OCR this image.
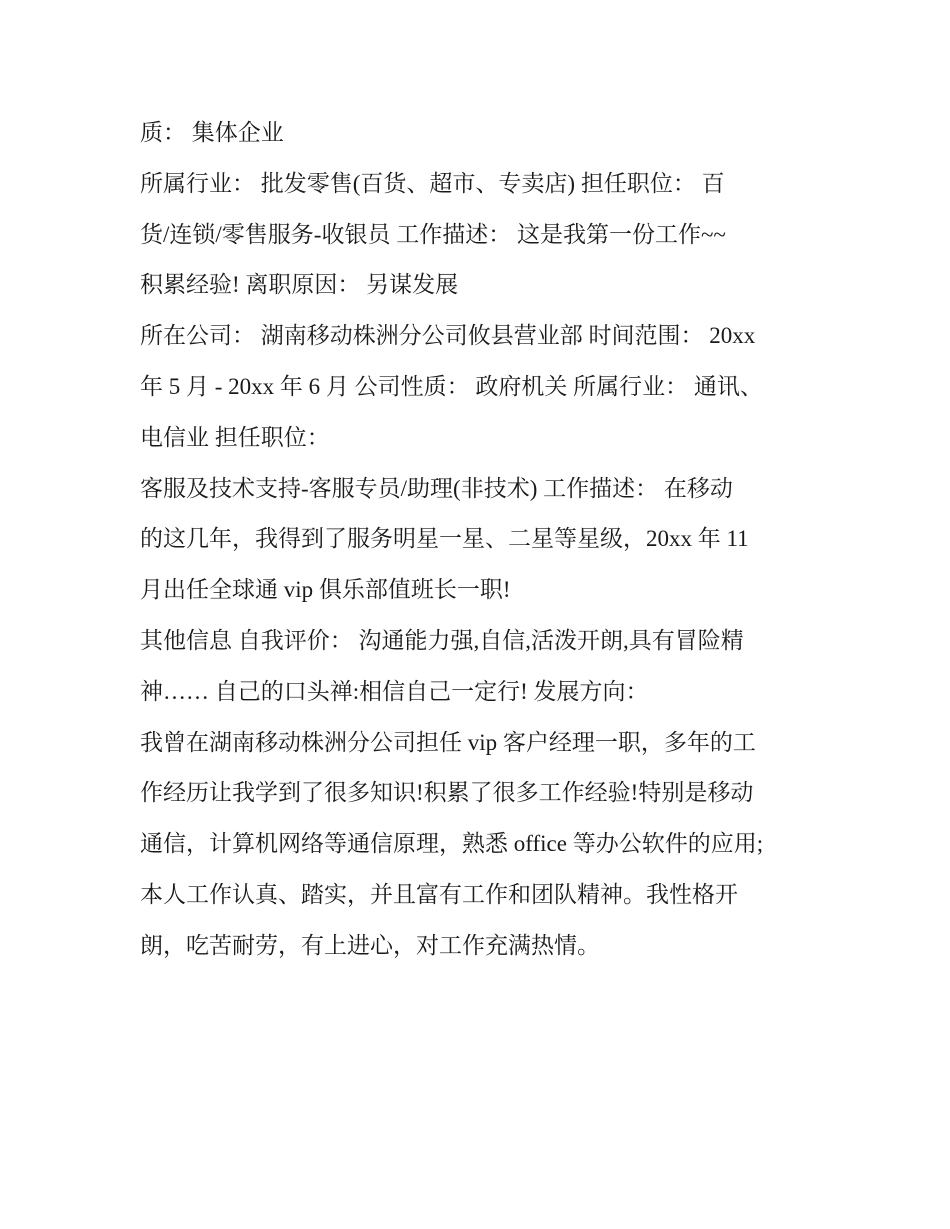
质： 集体企业
所属行业： 批发零售(百货、超市、专卖店) 担任职位： 百
货/连锁/零售服务-收银员 工作描述： 这是我第一份工作~~
积累经验! 离职原因： 另谋发展
所在公司： 湖南移动株洲分公司攸县营业部 时间范围： 20xx
年 5 月 - 20xx 年 6 月 公司性质： 政府机关 所属行业： 通讯、
电信业 担任职位：
客服及技术支持-客服专员/助理(非技术) 工作描述： 在移动
的这几年，我得到了服务明星一星、二星等星级，20xx 年 11
月出任全球通 vip 俱乐部值班长一职!
其他信息 自我评价： 沟通能力强,自信,活泼开朗,具有冒险精
神…… 自己的口头禅:相信自己一定行! 发展方向：
我曾在湖南移动株洲分公司担任 vip 客户经理一职，多年的工
作经历让我学到了很多知识!积累了很多工作经验!特别是移动
通信，计算机网络等通信原理，熟悉 office 等办公软件的应用;
本人工作认真、踏实，并且富有工作和团队精神。我性格开
朗，吃苦耐劳，有上进心，对工作充满热情。
